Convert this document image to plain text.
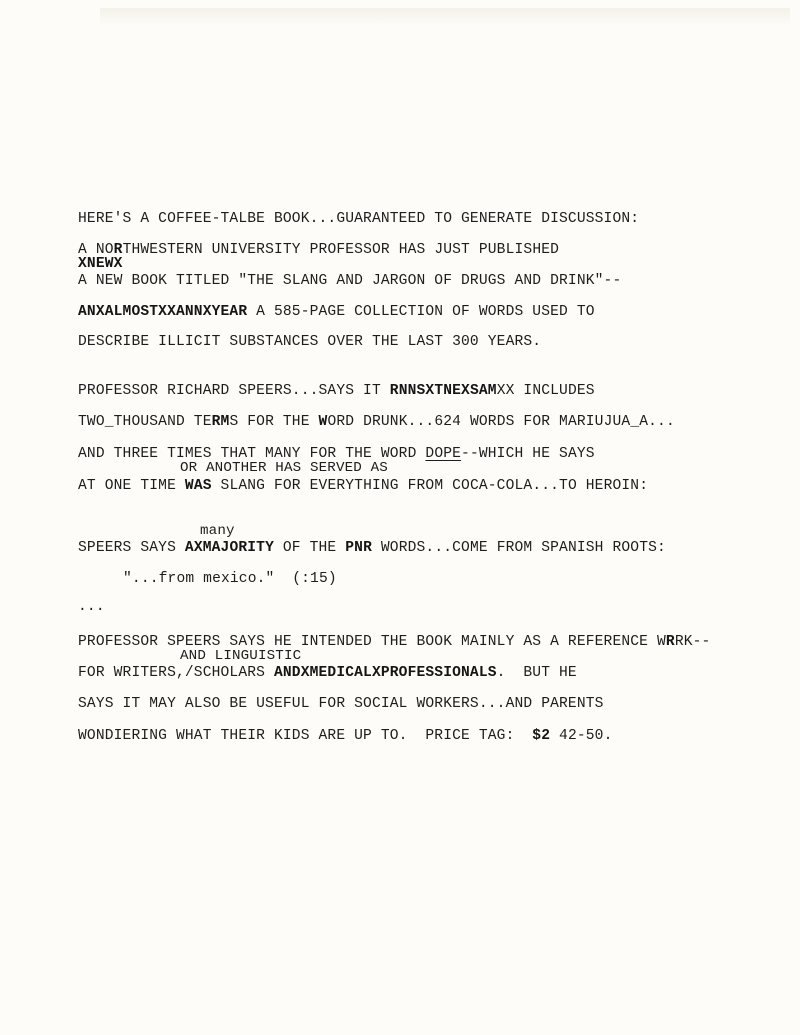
HERE'S A COFFEE-TALBE BOOK...GUARANTEED TO GENERATE DISCUSSION:
A NORTHWESTERN UNIVERSITY PROFESSOR HAS JUST PUBLISHED
XNEWX
A NEW BOOK TITLED "THE SLANG AND JARGON OF DRUGS AND DRINK"--
ANXALMOSTXXANNXYEAR A 585-PAGE COLLECTION OF WORDS USED TO
DESCRIBE ILLICIT SUBSTANCES OVER THE LAST 300 YEARS.
PROFESSOR RICHARD SPEERS...SAYS IT RNNSXTNEXSAMXX INCLUDES
TWO_THOUSAND TERMS FOR THE WORD DRUNK...624 WORDS FOR MARIUJUA_A...
AND THREE TIMES THAT MANY FOR THE WORD DOPE--WHICH HE SAYS
OR ANOTHER HAS SERVED AS
AT ONE TIME WAS SLANG FOR EVERYTHING FROM COCA-COLA...TO HEROIN:
many
SPEERS SAYS AXMAJORITY OF THE PNR WORDS...COME FROM SPANISH ROOTS:
"...from mexico."  (:15)
...
PROFESSOR SPEERS SAYS HE INTENDED THE BOOK MAINLY AS A REFERENCE WRRK--
AND LINGUISTIC
FOR WRITERS,/SCHOLARS ANDXMEDICALXPROFESSIONALS.  BUT HE
SAYS IT MAY ALSO BE USEFUL FOR SOCIAL WORKERS...AND PARENTS
WONDIERING WHAT THEIR KIDS ARE UP TO.  PRICE TAG:  $2 42-50.
